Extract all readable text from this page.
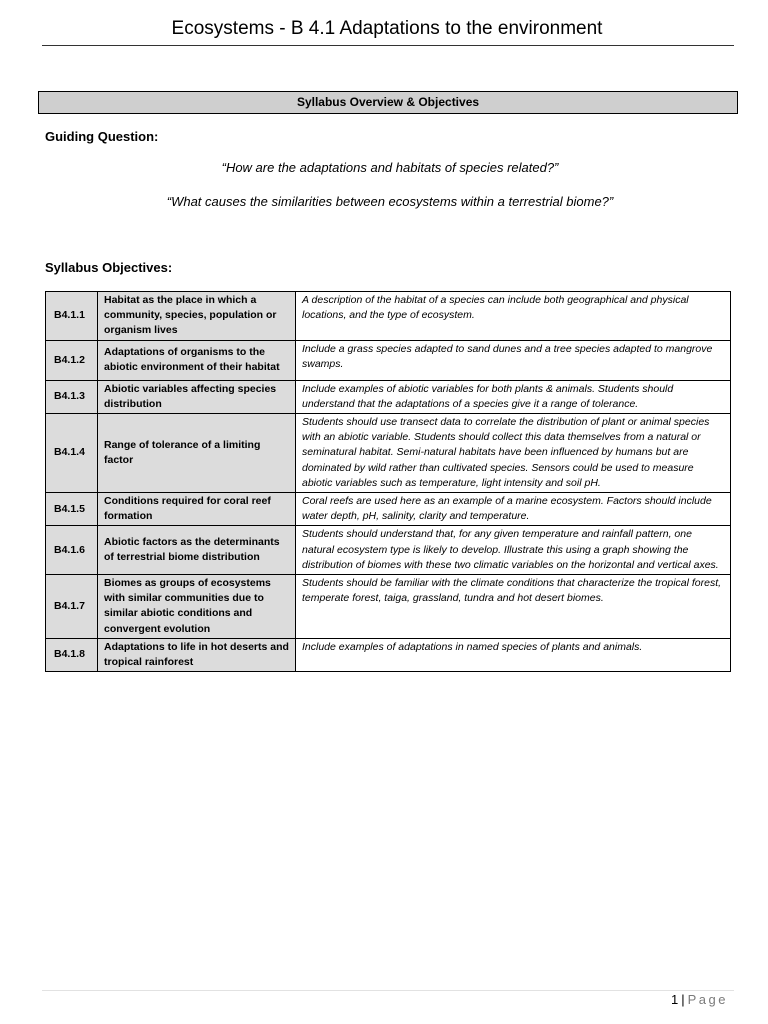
Ecosystems - B 4.1 Adaptations to the environment
Syllabus Overview & Objectives
Guiding Question:
“How are the adaptations and habitats of species related?”
“What causes the similarities between ecosystems within a terrestrial biome?”
Syllabus Objectives:
B4.1.1	Habitat as the place in which a community, species, population or organism lives	A description of the habitat of a species can include both geographical and physical locations, and the type of ecosystem.
B4.1.2	Adaptations of organisms to the abiotic environment of their habitat	Include a grass species adapted to sand dunes and a tree species adapted to mangrove swamps.
B4.1.3	Abiotic variables affecting species distribution	Include examples of abiotic variables for both plants & animals. Students should understand that the adaptations of a species give it a range of tolerance.
B4.1.4	Range of tolerance of a limiting factor	Students should use transect data to correlate the distribution of plant or animal species with an abiotic variable. Students should collect this data themselves from a natural or seminatural habitat. Semi-natural habitats have been influenced by humans but are dominated by wild rather than cultivated species. Sensors could be used to measure abiotic variables such as temperature, light intensity and soil pH.
B4.1.5	Conditions required for coral reef formation	Coral reefs are used here as an example of a marine ecosystem. Factors should include water depth, pH, salinity, clarity and temperature.
B4.1.6	Abiotic factors as the determinants of terrestrial biome distribution	Students should understand that, for any given temperature and rainfall pattern, one natural ecosystem type is likely to develop. Illustrate this using a graph showing the distribution of biomes with these two climatic variables on the horizontal and vertical axes.
B4.1.7	Biomes as groups of ecosystems with similar communities due to similar abiotic conditions and convergent evolution	Students should be familiar with the climate conditions that characterize the tropical forest, temperate forest, taiga, grassland, tundra and hot desert biomes.
B4.1.8	Adaptations to life in hot deserts and tropical rainforest	Include examples of adaptations in named species of plants and animals.
1 | Page
